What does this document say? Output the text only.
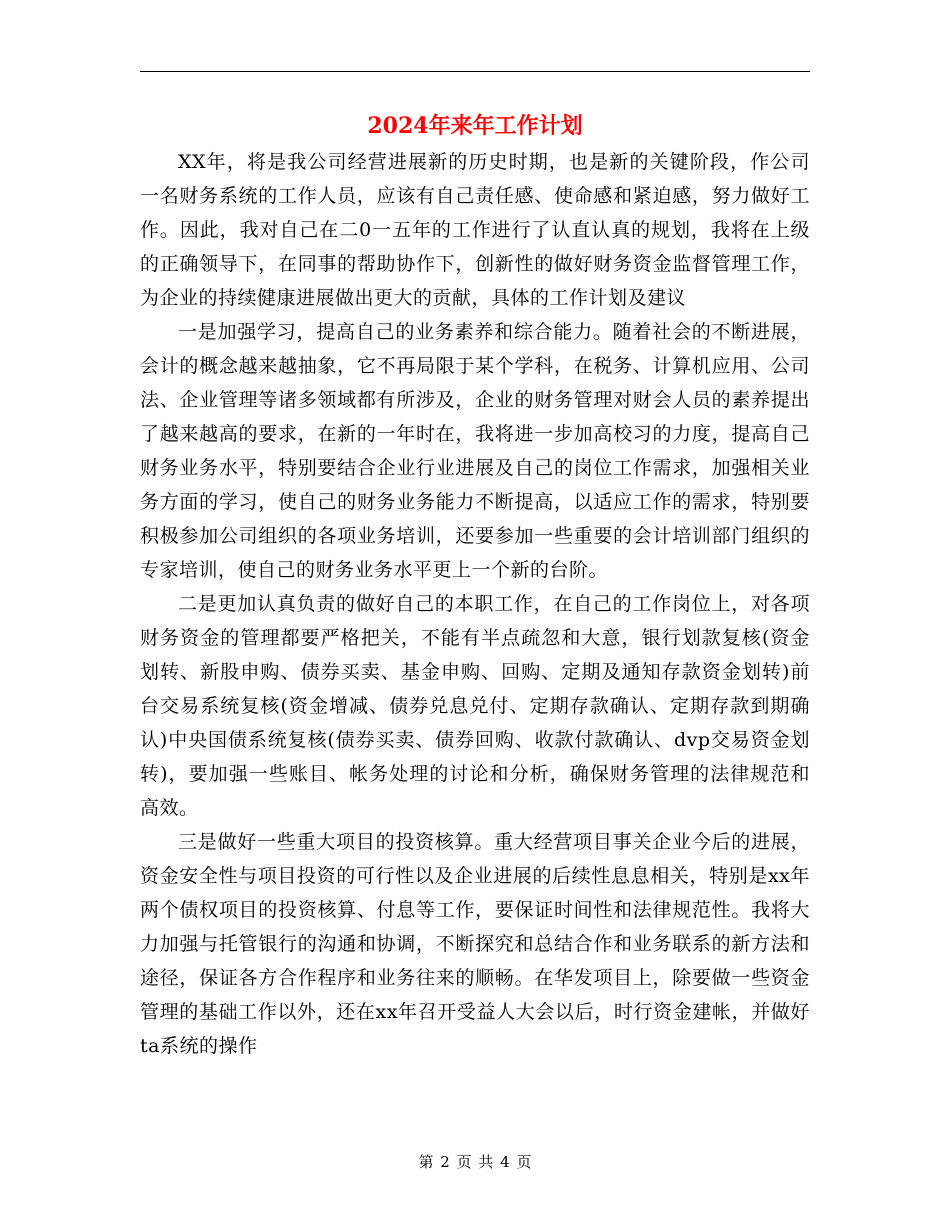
2024年来年工作计划

XX年，将是我公司经营进展新的历史时期，也是新的关键阶段，作公司一名财务系统的工作人员，应该有自己责任感、使命感和紧迫感，努力做好工作。因此，我对自己在二0一五年的工作进行了认直认真的规划，我将在上级的正确领导下，在同事的帮助协作下，创新性的做好财务资金监督管理工作，为企业的持续健康进展做出更大的贡献，具体的工作计划及建议

一是加强学习，提高自己的业务素养和综合能力。随着社会的不断进展，会计的概念越来越抽象，它不再局限于某个学科，在税务、计算机应用、公司法、企业管理等诸多领域都有所涉及，企业的财务管理对财会人员的素养提出了越来越高的要求，在新的一年时在，我将进一步加高校习的力度，提高自己财务业务水平，特别要结合企业行业进展及自己的岗位工作需求，加强相关业务方面的学习，使自己的财务业务能力不断提高，以适应工作的需求，特别要积极参加公司组织的各项业务培训，还要参加一些重要的会计培训部门组织的专家培训，使自己的财务业务水平更上一个新的台阶。

二是更加认真负责的做好自己的本职工作，在自己的工作岗位上，对各项财务资金的管理都要严格把关，不能有半点疏忽和大意，银行划款复核(资金划转、新股申购、债券买卖、基金申购、回购、定期及通知存款资金划转)前台交易系统复核(资金增减、债券兑息兑付、定期存款确认、定期存款到期确认)中央国债系统复核(债券买卖、债券回购、收款付款确认、dvp交易资金划转)，要加强一些账目、帐务处理的讨论和分析，确保财务管理的法律规范和高效。

三是做好一些重大项目的投资核算。重大经营项目事关企业今后的进展，资金安全性与项目投资的可行性以及企业进展的后续性息息相关，特别是xx年两个债权项目的投资核算、付息等工作，要保证时间性和法律规范性。我将大力加强与托管银行的沟通和协调，不断探究和总结合作和业务联系的新方法和途径，保证各方合作程序和业务往来的顺畅。在华发项目上，除要做一些资金管理的基础工作以外，还在xx年召开受益人大会以后，时行资金建帐，并做好ta系统的操作

第 2 页 共 4 页
